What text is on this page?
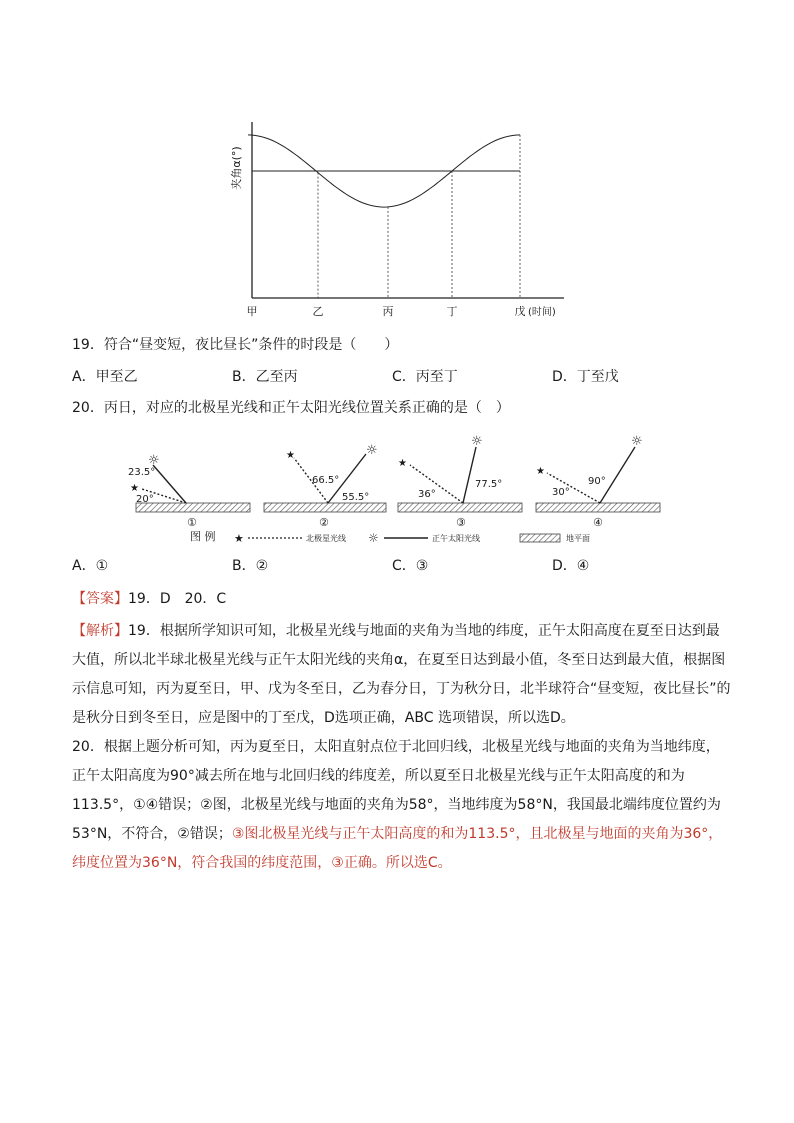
夹角α(°)
甲	乙	丙	丁	戊 (时间)
19．符合“昼变短，夜比昼长”条件的时段是（　　）
A．甲至乙	B．乙至丙	C．丙至丁	D．丁至戊
20．丙日，对应的北极星光线和正午太阳光线位置关系正确的是（　）
☼
★
23.5°
20°
①
☼
★
66.5°
55.5°
②
☼
★
36°
77.5°
③
☼
★
30°
90°
④
图 例 ★	北极星光线 ☼	正午太阳光线	地平面
A．①	B．②	C．③	D．④
【答案】19．D　20．C

【解析】19．根据所学知识可知，北极星光线与地面的夹角为当地的纬度，正午太阳高度在夏至日达到最大值，所以北半球北极星光线与正午太阳光线的夹角α，在夏至日达到最小值，冬至日达到最大值，根据图示信息可知，丙为夏至日，甲、戊为冬至日，乙为春分日，丁为秋分日，北半球符合“昼变短，夜比昼长”的是秋分日到冬至日，应是图中的丁至戊，D选项正确，ABC 选项错误，所以选D。

20．根据上题分析可知，丙为夏至日，太阳直射点位于北回归线，北极星光线与地面的夹角为当地纬度，正午太阳高度为90°减去所在地与北回归线的纬度差，所以夏至日北极星光线与正午太阳高度的和为113.5°，①④错误；②图，北极星光线与地面的夹角为58°，当地纬度为58°N，我国最北端纬度位置约为53°N，不符合，②错误；③图北极星光线与正午太阳高度的和为113.5°，且北极星与地面的夹角为36°，纬度位置为36°N，符合我国的纬度范围，③正确。所以选C。
